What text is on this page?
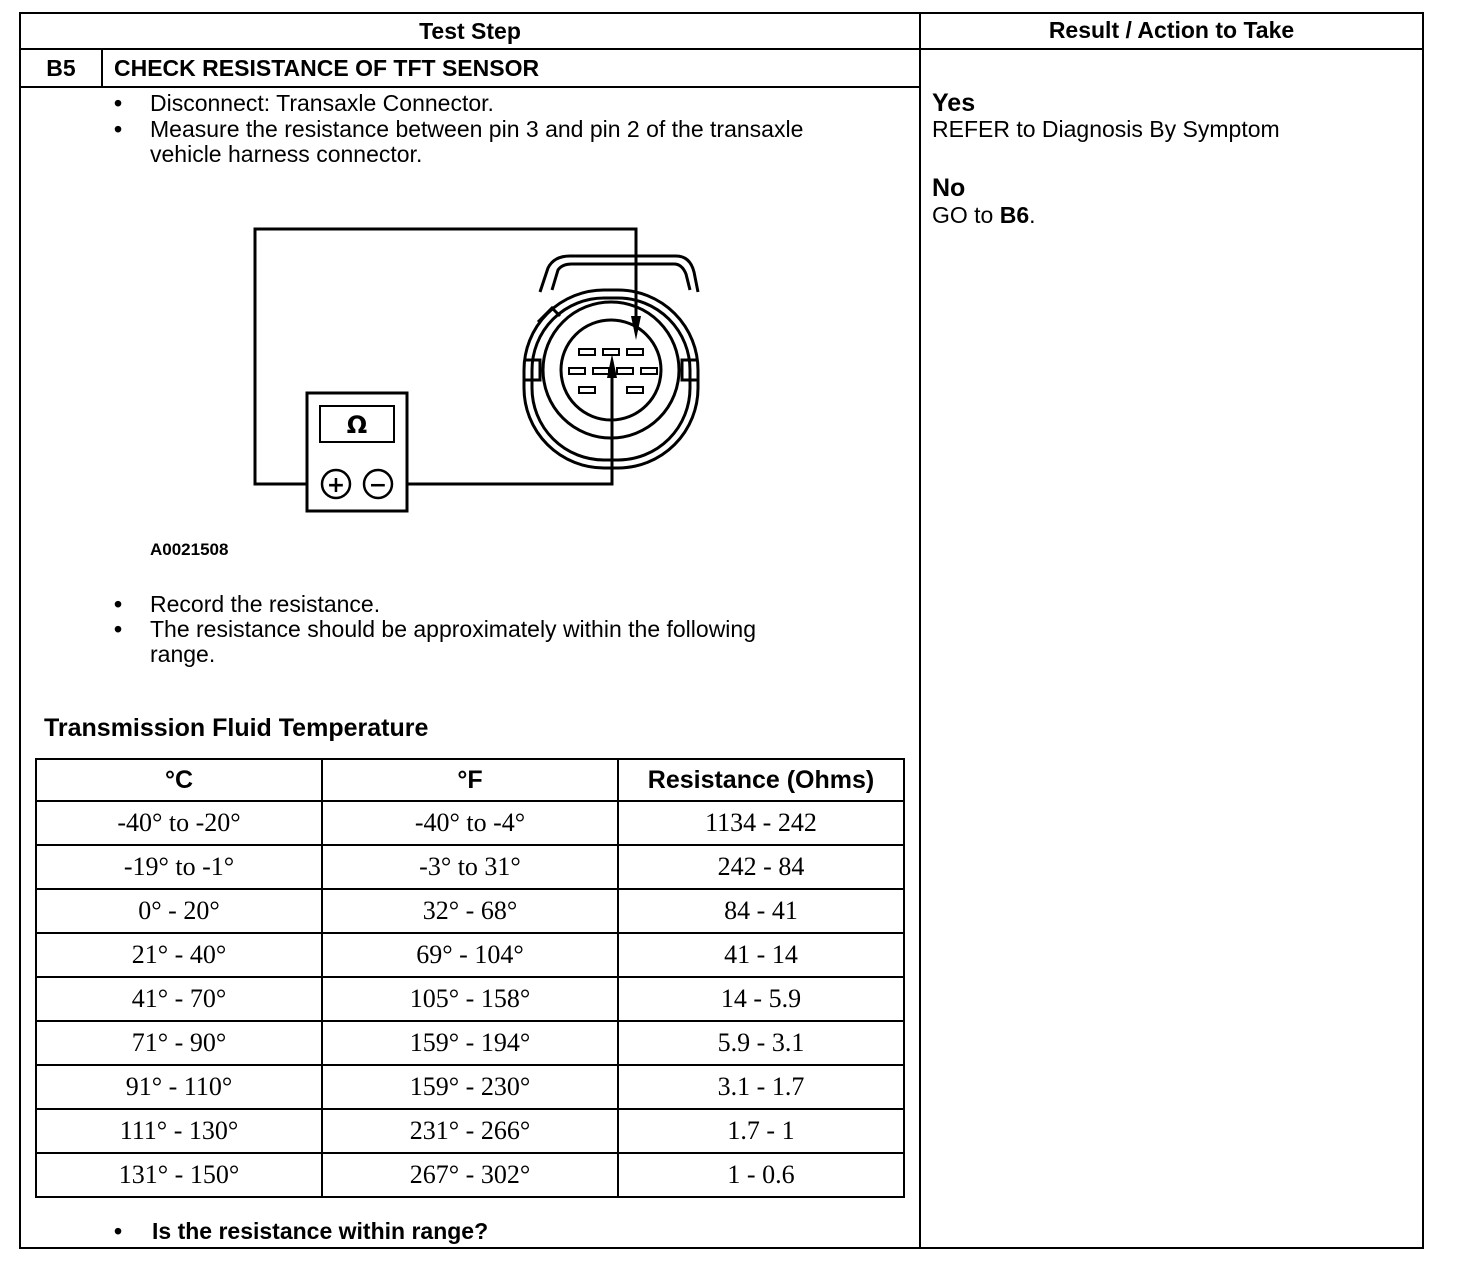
Test Step	Result / Action to Take
B5	CHECK RESISTANCE OF TFT SENSOR
• Disconnect: Transaxle Connector.
• Measure the resistance between pin 3 and pin 2 of the transaxle
vehicle harness connector.
Ω
+ −
A0021508
• Record the resistance.
• The resistance should be approximately within the following
range.
Transmission Fluid Temperature
°C	°F	Resistance (Ohms)
-40° to -20°	-40° to -4°	1134 - 242
-19° to -1°	-3° to 31°	242 - 84
0° - 20°	32° - 68°	84 - 41
21° - 40°	69° - 104°	41 - 14
41° - 70°	105° - 158°	14 - 5.9
71° - 90°	159° - 194°	5.9 - 3.1
91° - 110°	159° - 230°	3.1 - 1.7
111° - 130°	231° - 266°	1.7 - 1
131° - 150°	267° - 302°	1 - 0.6
• Is the resistance within range?
Yes
REFER to Diagnosis By Symptom
No
GO to B6.
